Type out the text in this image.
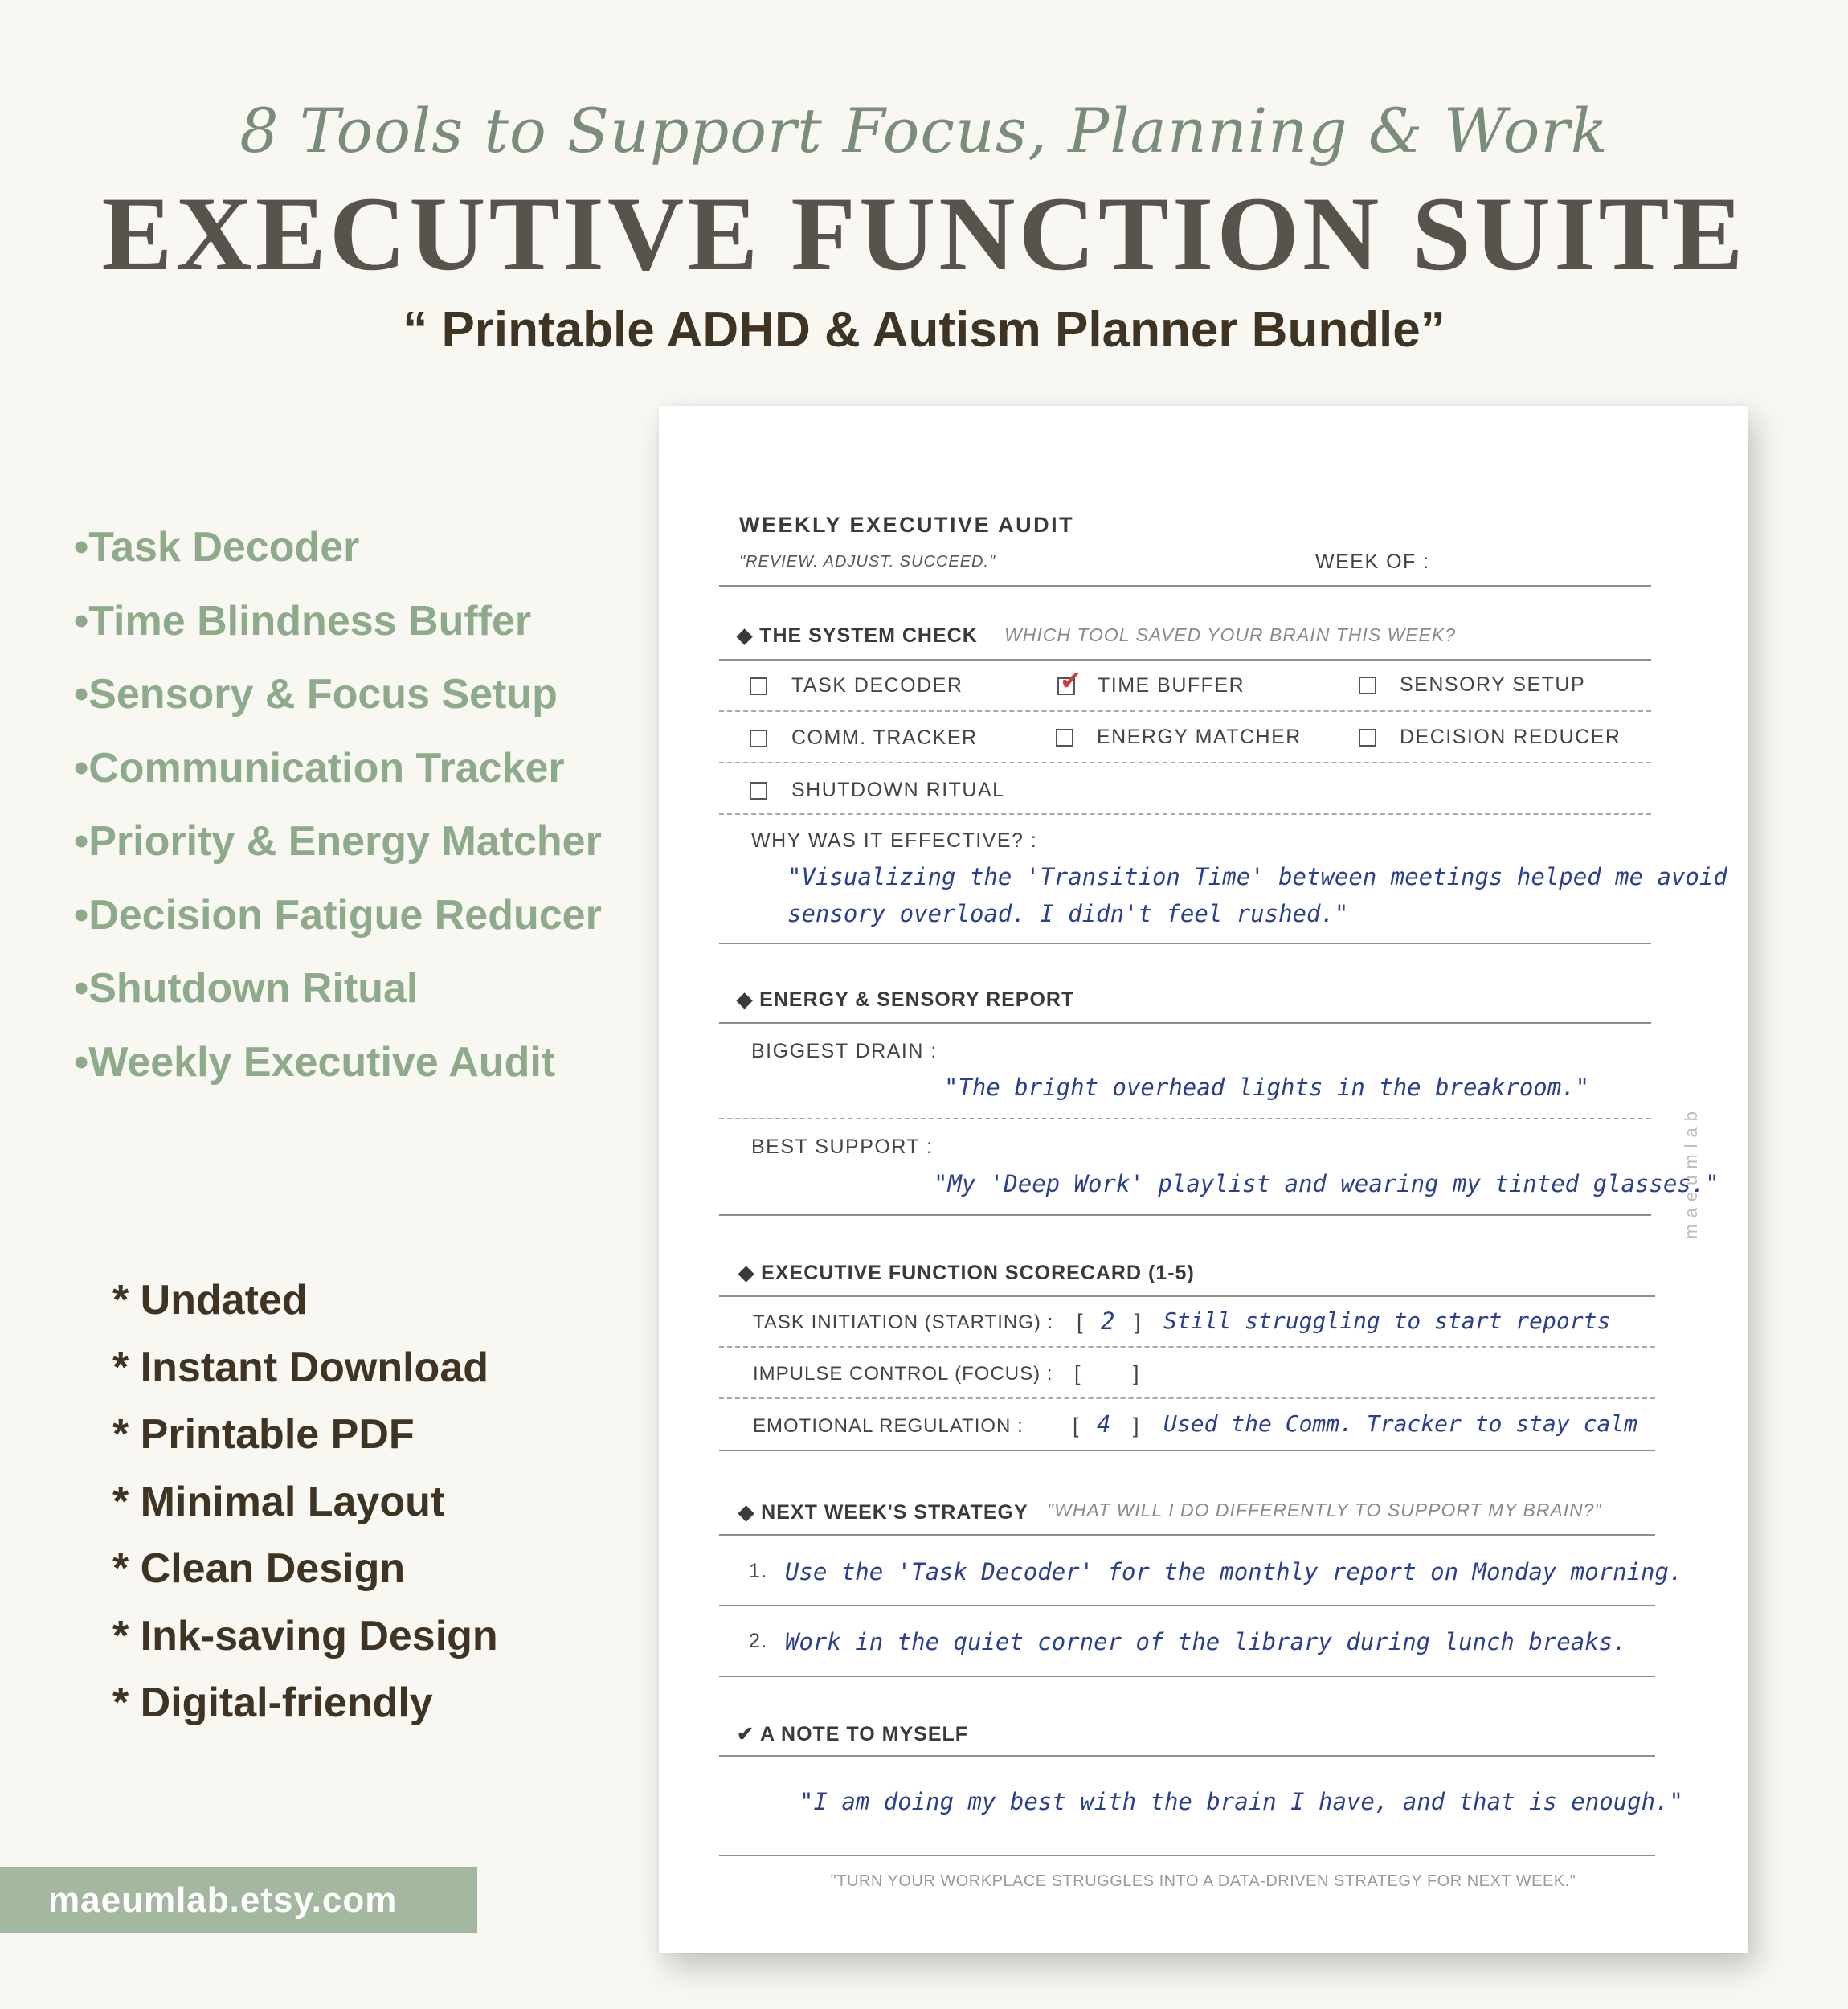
8 Tools to Support Focus, Planning & Work
EXECUTIVE FUNCTION SUITE
“ Printable ADHD & Autism Planner Bundle”
•Task Decoder
•Time Blindness Buffer
•Sensory & Focus Setup
•Communication Tracker
•Priority & Energy Matcher
•Decision Fatigue Reducer
•Shutdown Ritual
•Weekly Executive Audit
* Undated
* Instant Download
* Printable PDF
* Minimal Layout
* Clean Design
* Ink-saving Design
* Digital-friendly
maeumlab.etsy.com
WEEKLY EXECUTIVE AUDIT
"REVIEW. ADJUST. SUCCEED."	WEEK OF :
◆ THE SYSTEM CHECK WHICH TOOL SAVED YOUR BRAIN THIS WEEK?
TASK DECODER	✔ TIME BUFFER	SENSORY SETUP
COMM. TRACKER	ENERGY MATCHER	DECISION REDUCER
SHUTDOWN RITUAL
WHY WAS IT EFFECTIVE? :
"Visualizing the 'Transition Time' between meetings helped me avoid
sensory overload. I didn't feel rushed."
◆ ENERGY & SENSORY REPORT
BIGGEST DRAIN :
"The bright overhead lights in the breakroom."
BEST SUPPORT :
"My 'Deep Work' playlist and wearing my tinted glasses."
◆ EXECUTIVE FUNCTION SCORECARD (1-5)
TASK INITIATION (STARTING) : [ 2 ] Still struggling to start reports
IMPULSE CONTROL (FOCUS) : [ ]
EMOTIONAL REGULATION : [ 4 ] Used the Comm. Tracker to stay calm
◆ NEXT WEEK'S STRATEGY "WHAT WILL I DO DIFFERENTLY TO SUPPORT MY BRAIN?"
1. Use the 'Task Decoder' for the monthly report on Monday morning.
2. Work in the quiet corner of the library during lunch breaks.
✔ A NOTE TO MYSELF
"I am doing my best with the brain I have, and that is enough."
"TURN YOUR WORKPLACE STRUGGLES INTO A DATA-DRIVEN STRATEGY FOR NEXT WEEK."
maeumlab
